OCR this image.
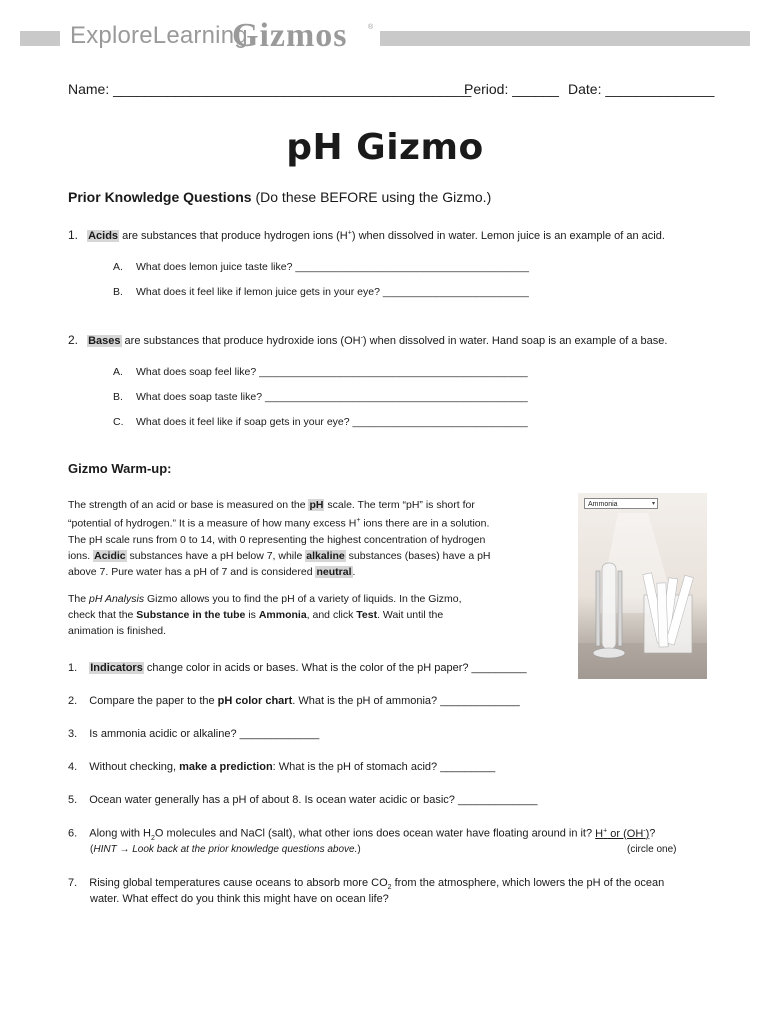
ExploreLearning
Gizmos	®
Name: ______________________________________________
Period: ______ Date: ______________
pH Gizmo
Prior Knowledge Questions (Do these BEFORE using the Gizmo.)
1. Acids are substances that produce hydrogen ions (H+) when dissolved in water. Lemon juice is an example of an acid.
A. What does lemon juice taste like? ________________________________________
B. What does it feel like if lemon juice gets in your eye? _________________________
2. Bases are substances that produce hydroxide ions (OH-) when dissolved in water. Hand soap is an example of a base.
A. What does soap feel like? ______________________________________________
B. What does soap taste like? _____________________________________________
C. What does it feel like if soap gets in your eye? ______________________________
Gizmo Warm-up:
The strength of an acid or base is measured on the pH scale. The term “pH” is short for
“potential of hydrogen.” It is a measure of how many excess H+ ions there are in a solution.
The pH scale runs from 0 to 14, with 0 representing the highest concentration of hydrogen
ions. Acidic substances have a pH below 7, while alkaline substances (bases) have a pH
above 7. Pure water has a pH of 7 and is considered neutral.
The pH Analysis Gizmo allows you to find the pH of a variety of liquids. In the Gizmo,
check that the Substance in the tube is Ammonia, and click Test. Wait until the
animation is finished.
Ammonia	▾
1. Indicators change color in acids or bases. What is the color of the pH paper? _________
2. Compare the paper to the pH color chart. What is the pH of ammonia? _____________
3. Is ammonia acidic or alkaline? _____________
4. Without checking, make a prediction: What is the pH of stomach acid? _________
5. Ocean water generally has a pH of about 8. Is ocean water acidic or basic? _____________
6. Along with $H_2O$ molecules and NaCl (salt), what other ions does ocean water have floating around in it? H+ or (OH-)?
(HINT → Look back at the prior knowledge questions above.)	(circle one)
7. Rising global temperatures cause oceans to absorb more $CO_2$ from the atmosphere, which lowers the pH of the ocean
water. What effect do you think this might have on ocean life?
